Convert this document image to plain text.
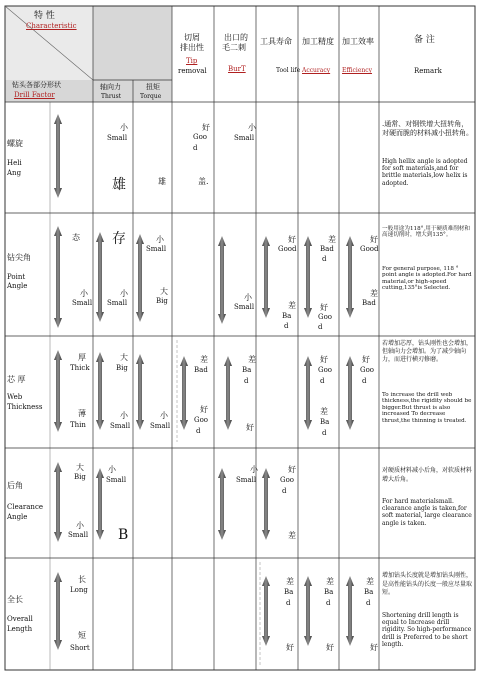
特 性
Characteristic
钻头各部分形状
Drill Factor
轴向力
Thrust
扭矩
Torque
切屑
排出性
Tip
removal
出口的
毛二刺
BurT
工具寿命
Tool life
加工精度
Accuracy
加工效率
Efficiency
备 注
Remark
螺旋
Heli
Ang
小
Small
雄	雄
好
Goo
d
盖.
小
Small
.通常、对钢铁增大扭转角，对硬而脆的材料减小扭转角。
High hellix angle is adopted for soft materials,and for brittle materials,low helix is adopted.
钻尖角
Point
Angle
态
小
Small
存
小
Small
小
Small
大
Big	小
Small
好
Good
差
Ba
d
差
Bad
d
好
Goo
d
好
Good
差
Bad
一般用途为118°,用于硬质难削材和高速切削时，增大到135°。
For general purpose, 118 ° point angle is adopted.For hard material,or high-speed cutting,135°is Selected.
芯 厚
Web
Thickness
厚
Thick
薄
Thin
大
Big
小
Small
小
Small
差
Bad
好
Goo
d
差
Ba
d
好
好
Goo
d
差
Ba
d
好
Goo
d
若增加芯厚，钻头刚性也会增加，但轴向力会增加。为了减少轴向力，而进行横刃修磨。
To increase the drill web thickness,the rigidity should be bigger.But thrust is also increased To decrease thrust,the thinning is treated.
后角
Clearance
Angle
大
Big
小
Small
小
Small
B
小
Small
好
Goo
d
差
对硬质材料减小后角，对软质材料增大后角。
For hard materialsmall. clearance angle is taken,for soft material, large clearance angle is taken.
全长
Overall
Length
长
Long
短
Short
差
Ba
d
好
差
Ba
d
好
差
Ba
d
好
增加钻头长度就是增加钻头刚性，是高性能钻头的长度一般应尽量取短。
Shortening drill length is equal to Increase drill rigidity. So high-performance drill is Preferred to be short length.
